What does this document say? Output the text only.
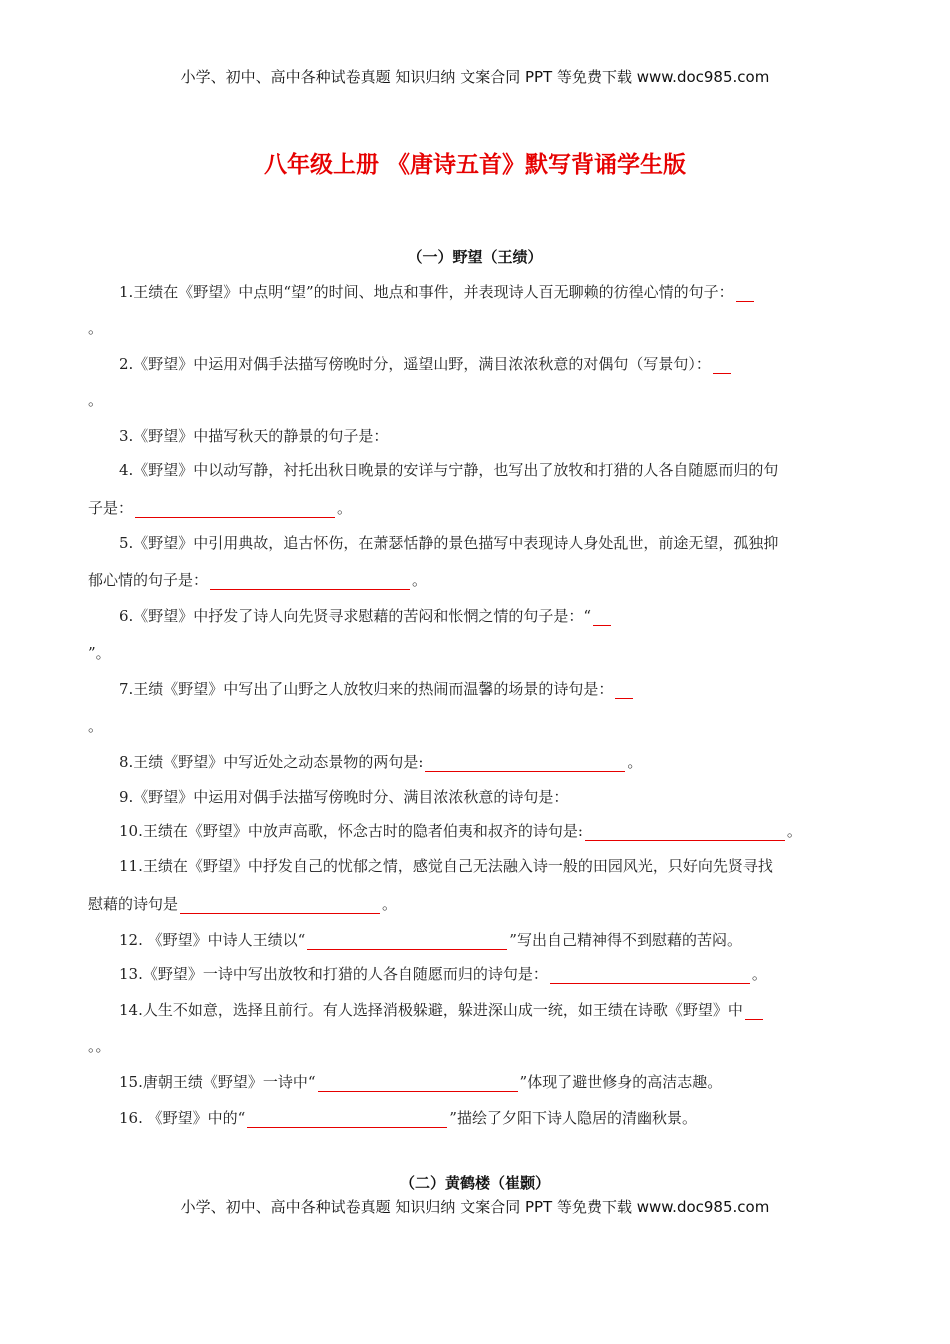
小学、初中、高中各种试卷真题 知识归纳 文案合同 PPT 等免费下载 www.doc985.com
八年级上册 《唐诗五首》默写背诵学生版
（一）野望（王绩）
1.王绩在《野望》中点明“望”的时间、地点和事件，并表现诗人百无聊赖的彷徨心情的句子：
。
2.《野望》中运用对偶手法描写傍晚时分，遥望山野，满目浓浓秋意的对偶句（写景句）：
。
3.《野望》中描写秋天的静景的句子是：
4.《野望》中以动写静，衬托出秋日晚景的安详与宁静，也写出了放牧和打猎的人各自随愿而归的句
子是：	。
5.《野望》中引用典故，追古怀伤，在萧瑟恬静的景色描写中表现诗人身处乱世，前途无望，孤独抑
郁心情的句子是：	。
6.《野望》中抒发了诗人向先贤寻求慰藉的苦闷和怅惘之情的句子是：“
”。
7.王绩《野望》中写出了山野之人放牧归来的热闹而温馨的场景的诗句是：
。
8.王绩《野望》中写近处之动态景物的两句是:	。
9.《野望》中运用对偶手法描写傍晚时分、满目浓浓秋意的诗句是：
10.王绩在《野望》中放声高歌，怀念古时的隐者伯夷和叔齐的诗句是:	。
11.王绩在《野望》中抒发自己的忧郁之情，感觉自己无法融入诗一般的田园风光，只好向先贤寻找
慰藉的诗句是	。
12. 《野望》中诗人王绩以“	”写出自己精神得不到慰藉的苦闷。
13.《野望》一诗中写出放牧和打猎的人各自随愿而归的诗句是：	。
14.人生不如意，选择且前行。有人选择消极躲避，躲进深山成一统，如王绩在诗歌《野望》中
。。
15.唐朝王绩《野望》一诗中“	”体现了避世修身的高洁志趣。
16. 《野望》中的“	”描绘了夕阳下诗人隐居的清幽秋景。
（二）黄鹤楼（崔颢）
小学、初中、高中各种试卷真题 知识归纳 文案合同 PPT 等免费下载 www.doc985.com
